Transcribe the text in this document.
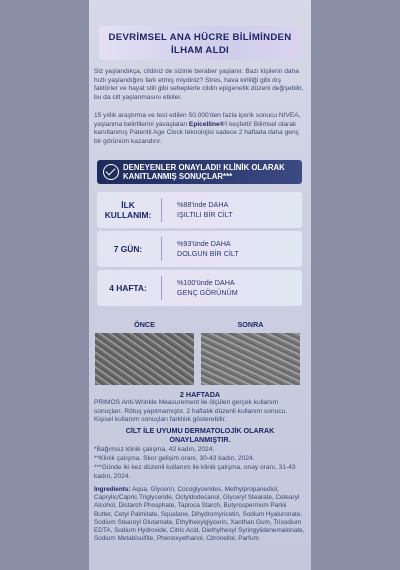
DEVRİMSEL ANA HÜCRE BİLİMİNDEN
İLHAM ALDI

Siz yaşlandıkça, cildiniz de sizinle beraber yaşlanır. Bazı kişilerin daha hızlı yaşlandığını fark etmiş miydiniz? Stres, hava kirliliği gibi dış faktörler ve hayat stili gibi sebeplerle cildin epigenetik düzeni değişebilir, bu da cilt yaşlanmasını etkiler.

15 yıllık araştırma ve test edilen 50.000'den fazla içerik sonucu NIVEA, yaşlanma belirtilerini yavaşlatan Epicelline®'i keşfetti! Bilimsel olarak kanıtlanmış Patentli Age Clock teknolojisi sadece 2 haftada daha genç bir görünüm kazandırır.

DENEYENLER ONAYLADI! KLİNİK OLARAK KANITLANMIŞ SONUÇLAR***
İLK KULLANIM:
%88'inde DAHA
IŞILTILI BİR CİLT
7 GÜN:
%93'ünde DAHA
DOLGUN BİR CİLT
4 HAFTA:
%100'ünde DAHA
GENÇ GÖRÜNÜM
ÖNCE	SONRA
2 HAFTADA

PRIMOS Anti-Wrinkle Measurement ile ölçülen gerçek kullanım sonuçları. Rötuş yapılmamıştır. 2 haftalık düzenli kullanım sonucu. Kişisel kullanım sonuçları farklılık gösterebilir.

CİLT İLE UYUMU DERMATOLOJİK OLARAK
ONAYLANMIŞTIR.

*Bağımsız klinik çalışma, 43 kadın, 2024.

**Klinik çalışma. Skor gelişim oranı, 30-43 kadın, 2024.

***Günde iki kez düzenli kullanım ile klinik çalışma, onay oranı, 31-43 kadın, 2024.

Ingredients: Aqua, Glycerin, Cocoglycerides, Methylpropanediol, Caprylic/Capric Triglyceride, Octyldodecanol, Glyceryl Stearate, Cetearyl Alcohol, Distarch Phosphate, Tapioca Starch, Butyrospermum Parkii Butter, Cetyl Palmitate, Squalane, Dihydromyricetin, Sodium Hyaluronate, Sodium Stearoyl Glutamate, Ethylhexylglycerin, Xanthan Gum, Trisodium EDTA, Sodium Hydroxide, Citric Acid, Diethylhexyl Syringylidenemalonate, Sodium Metabisulfite, Phenoxyethanol, Citronellol, Parfum
